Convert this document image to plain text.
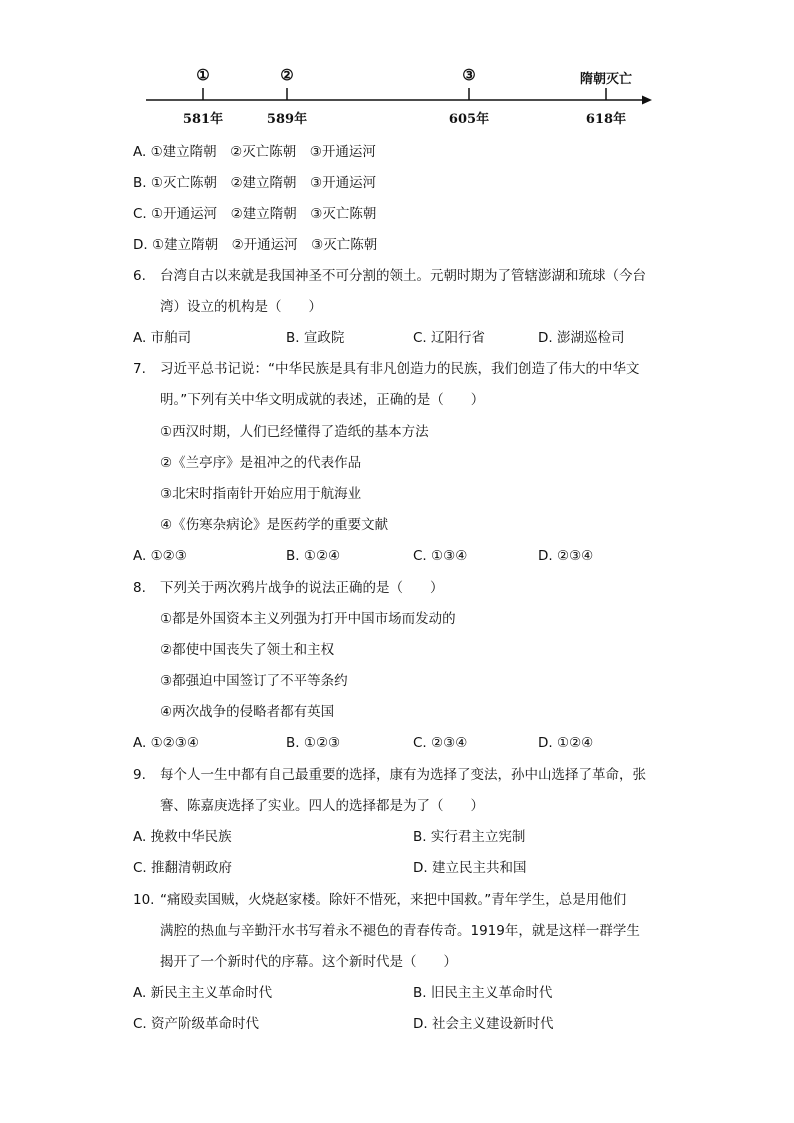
①	②	③	隋朝灭亡
581年	589年	605年	618年
A. ①建立隋朝　②灭亡陈朝　③开通运河
B. ①灭亡陈朝　②建立隋朝　③开通运河
C. ①开通运河　②建立隋朝　③灭亡陈朝
D. ①建立隋朝　②开通运河　③灭亡陈朝
6. 台湾自古以来就是我国神圣不可分割的领土。元朝时期为了管辖澎湖和琉球（今台
湾）设立的机构是（　　）
A. 市舶司	B. 宣政院	C. 辽阳行省	D. 澎湖巡检司
7. 习近平总书记说：“中华民族是具有非凡创造力的民族，我们创造了伟大的中华文
明。”下列有关中华文明成就的表述，正确的是（　　）
①西汉时期，人们已经懂得了造纸的基本方法
②《兰亭序》是祖冲之的代表作品
③北宋时指南针开始应用于航海业
④《伤寒杂病论》是医药学的重要文献
A. ①②③	B. ①②④	C. ①③④	D. ②③④
8. 下列关于两次鸦片战争的说法正确的是（　　）
①都是外国资本主义列强为打开中国市场而发动的
②都使中国丧失了领土和主权
③都强迫中国签订了不平等条约
④两次战争的侵略者都有英国
A. ①②③④	B. ①②③	C. ②③④	D. ①②④
9. 每个人一生中都有自己最重要的选择，康有为选择了变法，孙中山选择了革命，张
謇、陈嘉庚选择了实业。四人的选择都是为了（　　）
A. 挽救中华民族	B. 实行君主立宪制
C. 推翻清朝政府	D. 建立民主共和国
10. “痛殴卖国贼，火烧赵家楼。除奸不惜死，来把中国救。”青年学生，总是用他们
满腔的热血与辛勤汗水书写着永不褪色的青春传奇。1919年，就是这样一群学生
揭开了一个新时代的序幕。这个新时代是（　　）
A. 新民主主义革命时代	B. 旧民主主义革命时代
C. 资产阶级革命时代	D. 社会主义建设新时代
